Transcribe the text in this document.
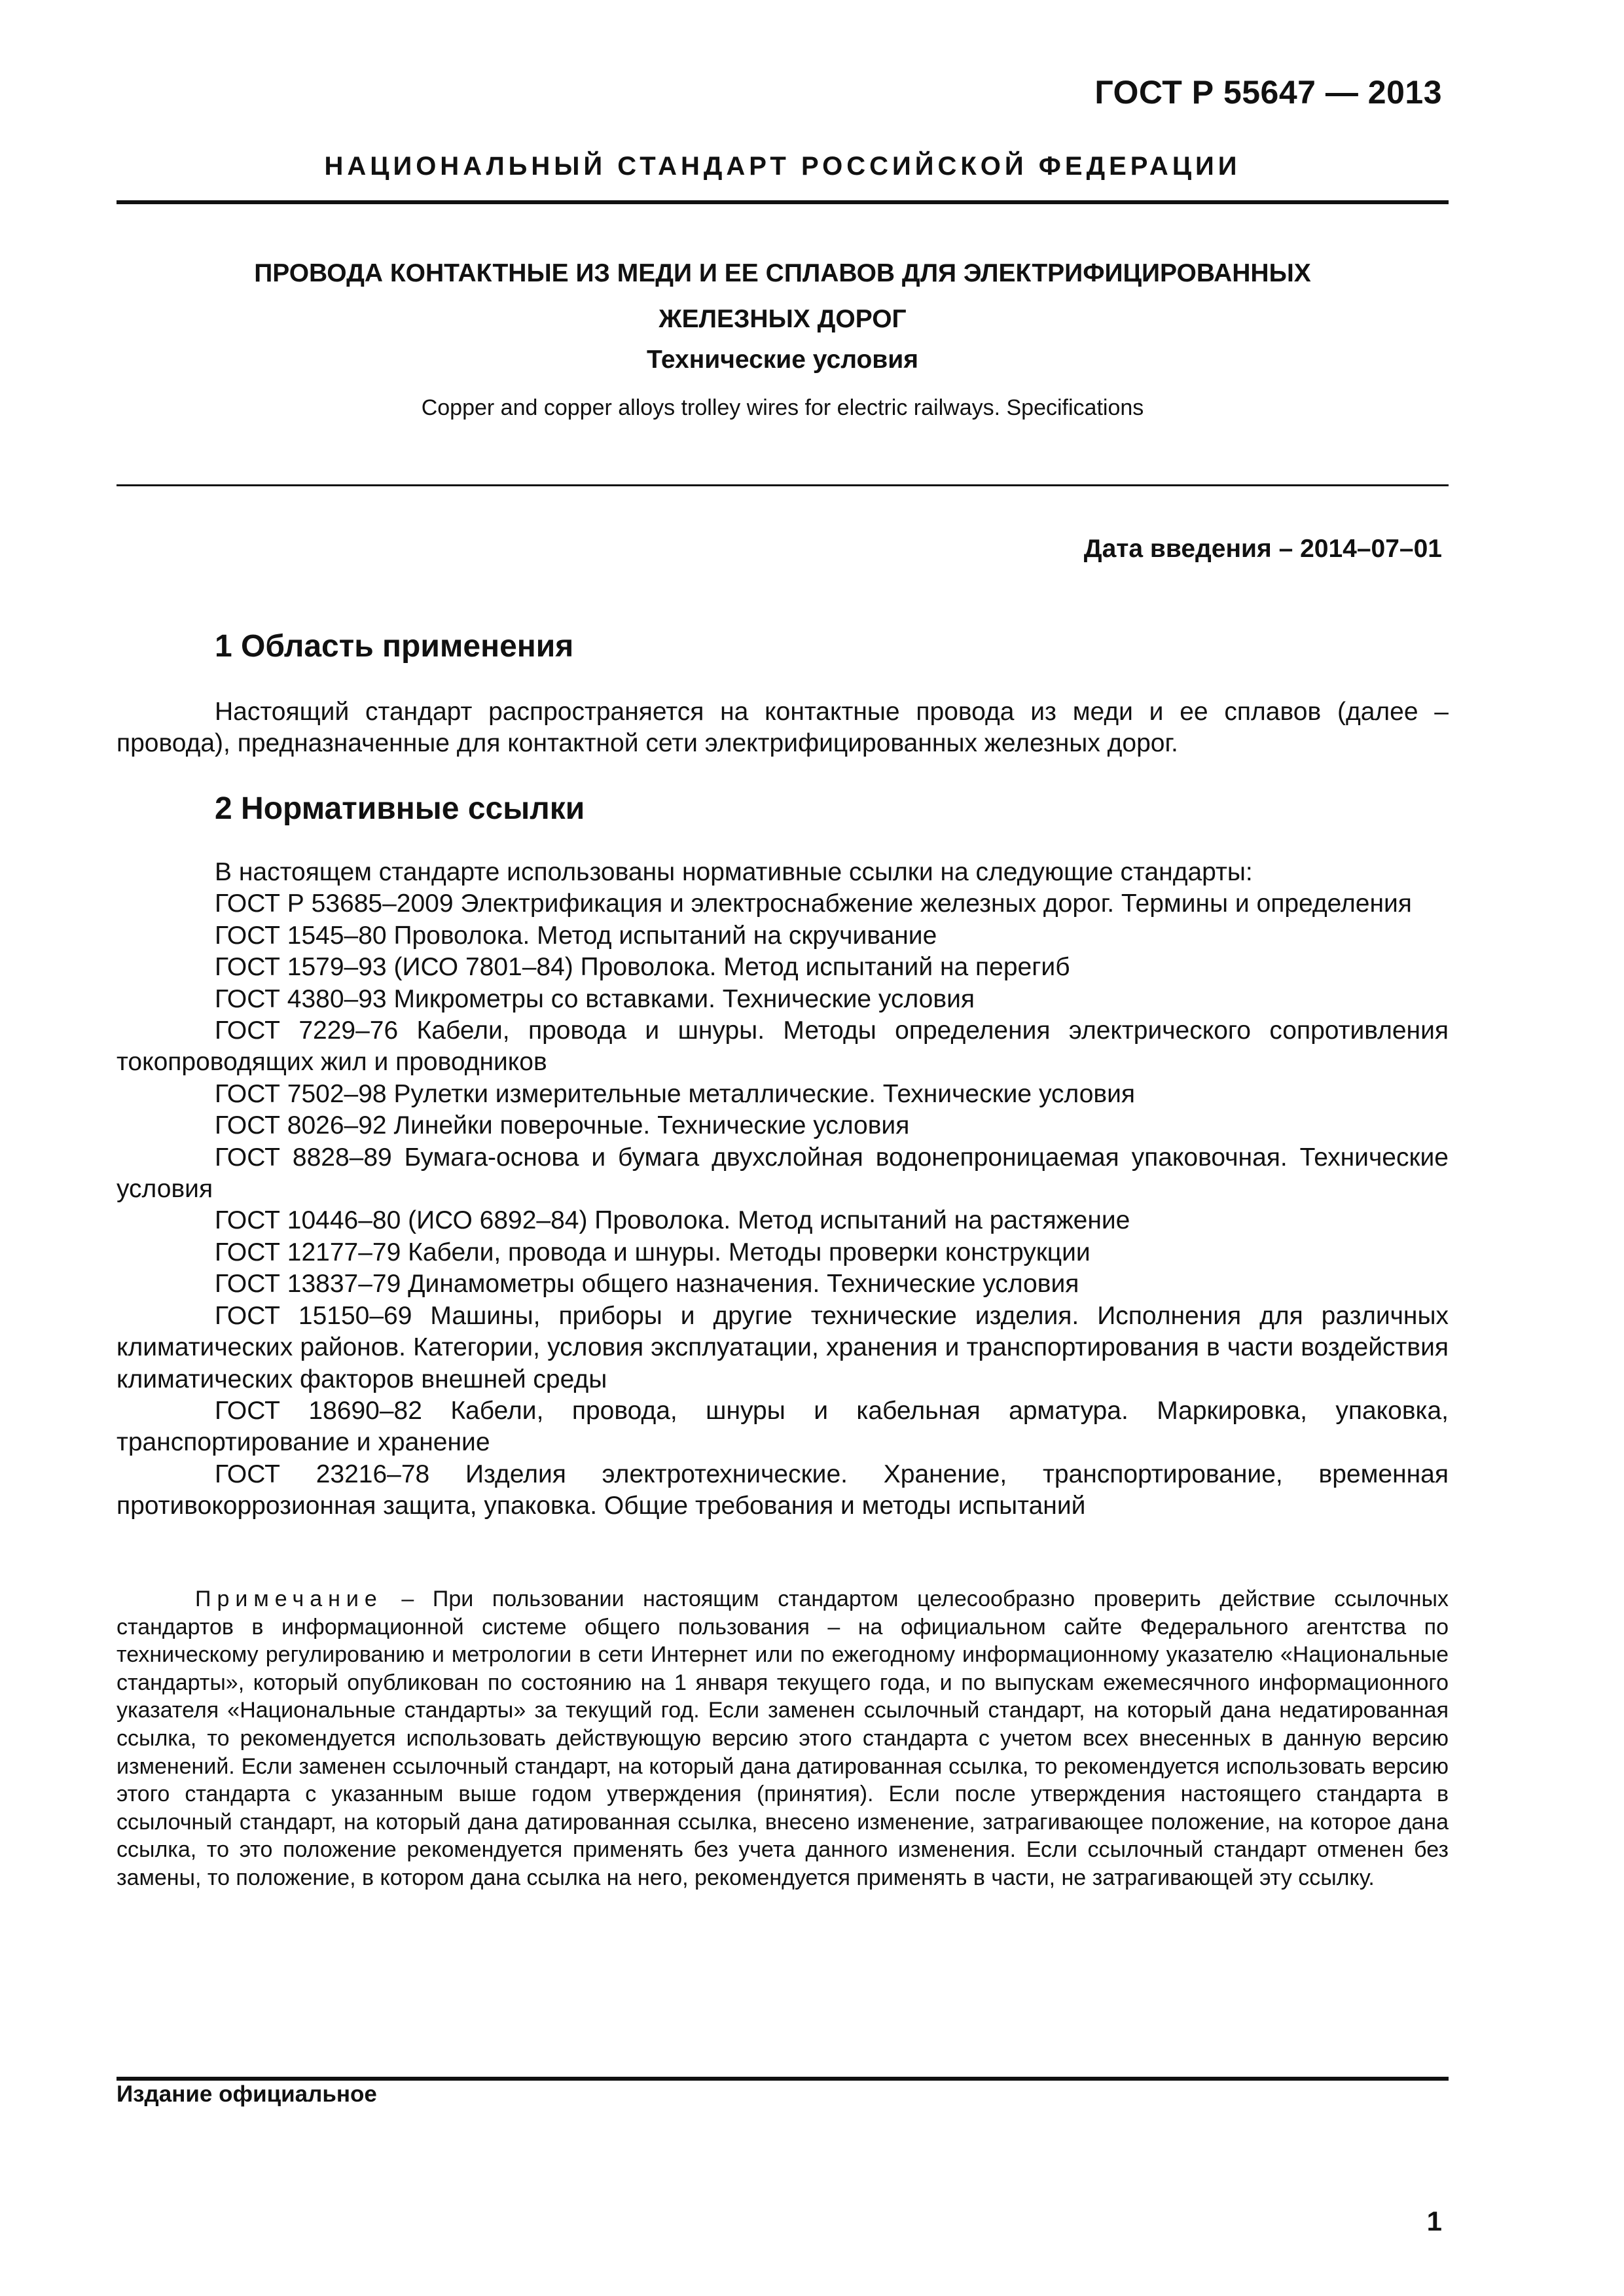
ГОСТ Р 55647 — 2013
НАЦИОНАЛЬНЫЙ СТАНДАРТ РОССИЙСКОЙ ФЕДЕРАЦИИ
ПРОВОДА КОНТАКТНЫЕ ИЗ МЕДИ И ЕЕ СПЛАВОВ ДЛЯ ЭЛЕКТРИФИЦИРОВАННЫХ
ЖЕЛЕЗНЫХ ДОРОГ
Технические условия
Copper and copper alloys trolley wires for electric railways. Specifications
Дата введения – 2014–07–01
1 Область применения

Настоящий стандарт распространяется на контактные провода из меди и ее сплавов (далее – провода), предназначенные для контактной сети электрифицированных железных дорог.

2 Нормативные ссылки

В настоящем стандарте использованы нормативные ссылки на следующие стандарты:

ГОСТ Р 53685–2009 Электрификация и электроснабжение железных дорог. Термины и определения

ГОСТ 1545–80 Проволока. Метод испытаний на скручивание

ГОСТ 1579–93 (ИСО 7801–84) Проволока. Метод испытаний на перегиб

ГОСТ 4380–93 Микрометры со вставками. Технические условия

ГОСТ 7229–76 Кабели, провода и шнуры. Методы определения электрического сопротивления токопроводящих жил и проводников

ГОСТ 7502–98 Рулетки измерительные металлические. Технические условия

ГОСТ 8026–92 Линейки поверочные. Технические условия

ГОСТ 8828–89 Бумага-основа и бумага двухслойная водонепроницаемая упаковочная. Технические условия

ГОСТ 10446–80 (ИСО 6892–84) Проволока. Метод испытаний на растяжение

ГОСТ 12177–79 Кабели, провода и шнуры. Методы проверки конструкции

ГОСТ 13837–79 Динамометры общего назначения. Технические условия

ГОСТ 15150–69 Машины, приборы и другие технические изделия. Исполнения для различных климатических районов. Категории, условия эксплуатации, хранения и транспортирования в части воздействия климатических факторов внешней среды

ГОСТ 18690–82 Кабели, провода, шнуры и кабельная арматура. Маркировка, упаковка, транспортирование и хранение

ГОСТ 23216–78 Изделия электротехнические. Хранение, транспортирование, временная противокоррозионная защита, упаковка. Общие требования и методы испытаний

Примечание – При пользовании настоящим стандартом целесообразно проверить действие ссылочных стандартов в информационной системе общего пользования – на официальном сайте Федерального агентства по техническому регулированию и метрологии в сети Интернет или по ежегодному информационному указателю «Национальные стандарты», который опубликован по состоянию на 1 января текущего года, и по выпускам ежемесячного информационного указателя «Национальные стандарты» за текущий год. Если заменен ссылочный стандарт, на который дана недатированная ссылка, то рекомендуется использовать действующую версию этого стандарта с учетом всех внесенных в данную версию изменений. Если заменен ссылочный стандарт, на который дана датированная ссылка, то рекомендуется использовать версию этого стандарта с указанным выше годом утверждения (принятия). Если после утверждения настоящего стандарта в ссылочный стандарт, на который дана датированная ссылка, внесено изменение, затрагивающее положение, на которое дана ссылка, то это положение рекомендуется применять без учета данного изменения. Если ссылочный стандарт отменен без замены, то положение, в котором дана ссылка на него, рекомендуется применять в части, не затрагивающей эту ссылку.

Издание официальное
1
